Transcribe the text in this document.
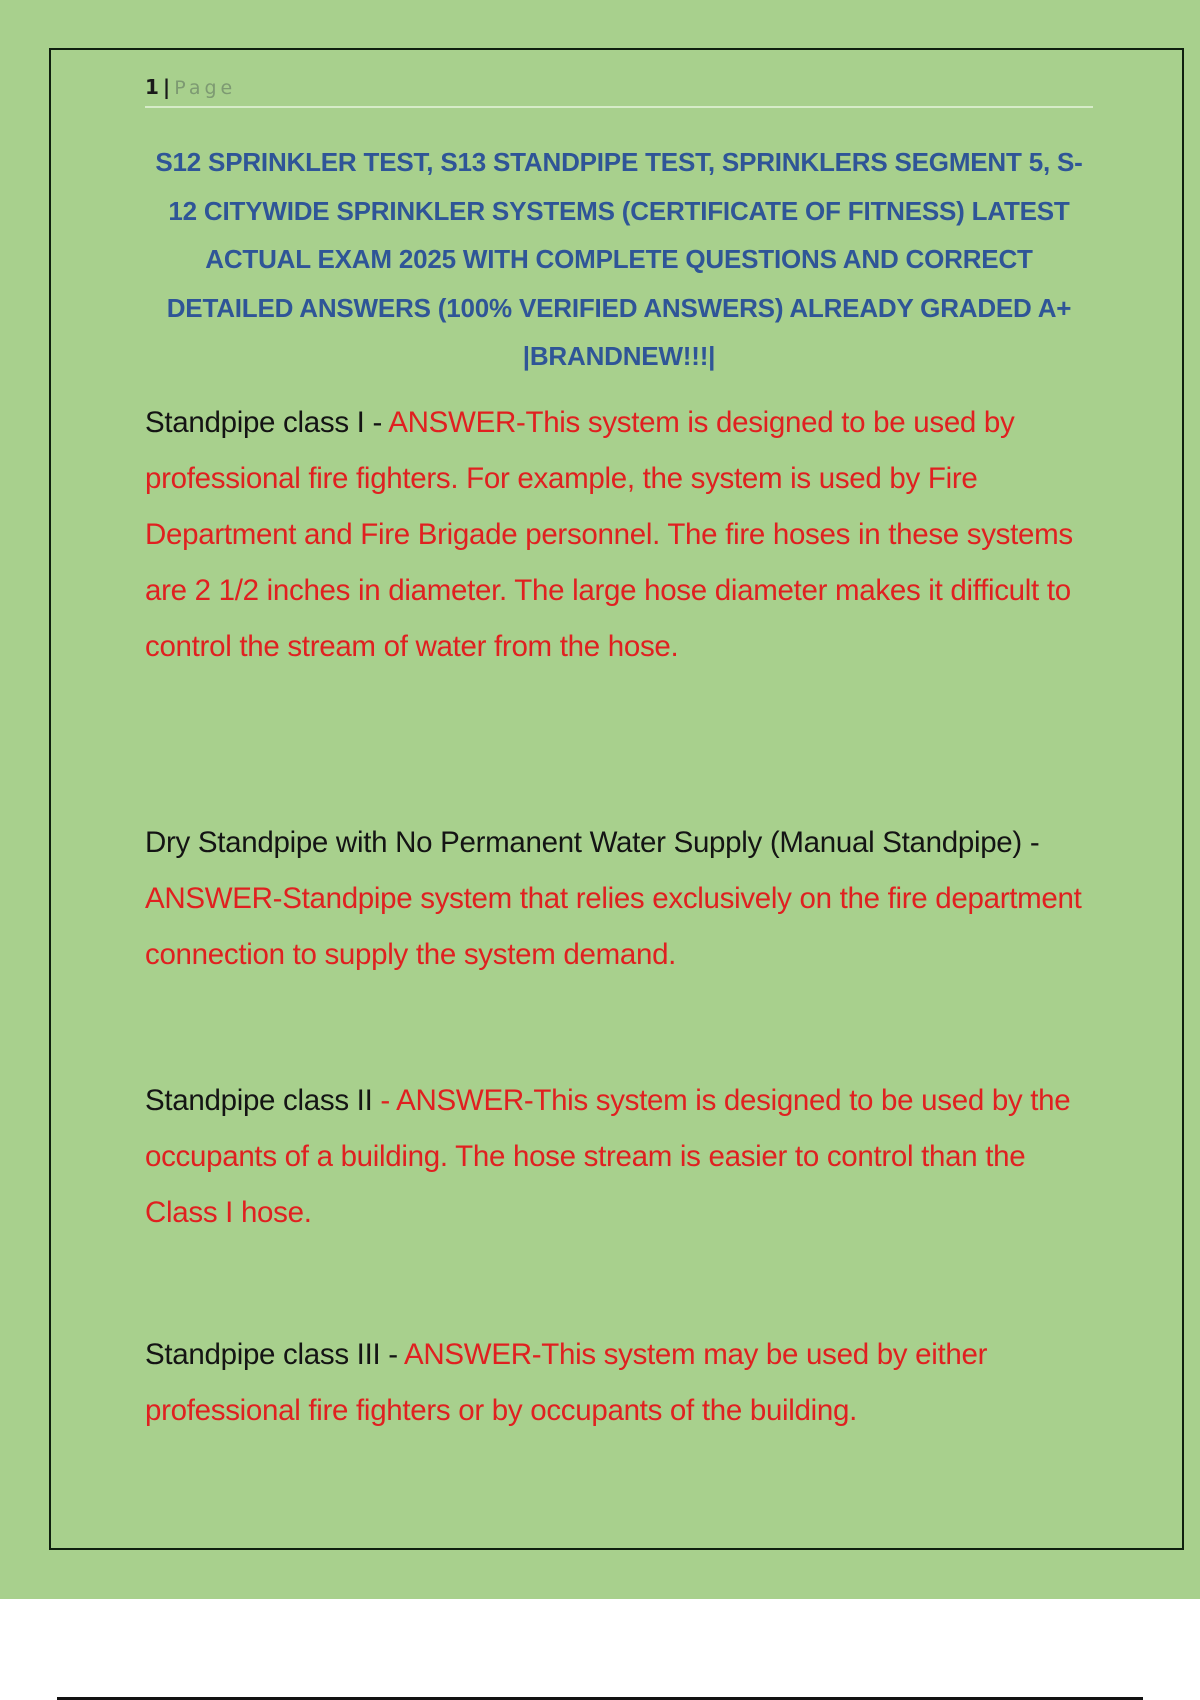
1 | Page
S12 SPRINKLER TEST, S13 STANDPIPE TEST, SPRINKLERS SEGMENT 5, S-12 CITYWIDE SPRINKLER SYSTEMS (CERTIFICATE OF FITNESS) LATEST ACTUAL EXAM 2025 WITH COMPLETE QUESTIONS AND CORRECT DETAILED ANSWERS (100% VERIFIED ANSWERS) ALREADY GRADED A+ |BRANDNEW!!!|
Standpipe class I - ANSWER-This system is designed to be used by professional fire fighters. For example, the system is used by Fire Department and Fire Brigade personnel. The fire hoses in these systems are 2 1/2 inches in diameter. The large hose diameter makes it difficult to control the stream of water from the hose.
Dry Standpipe with No Permanent Water Supply (Manual Standpipe) - ANSWER-Standpipe system that relies exclusively on the fire department connection to supply the system demand.
Standpipe class II - ANSWER-This system is designed to be used by the occupants of a building. The hose stream is easier to control than the Class I hose.
Standpipe class III - ANSWER-This system may be used by either professional fire fighters or by occupants of the building.
